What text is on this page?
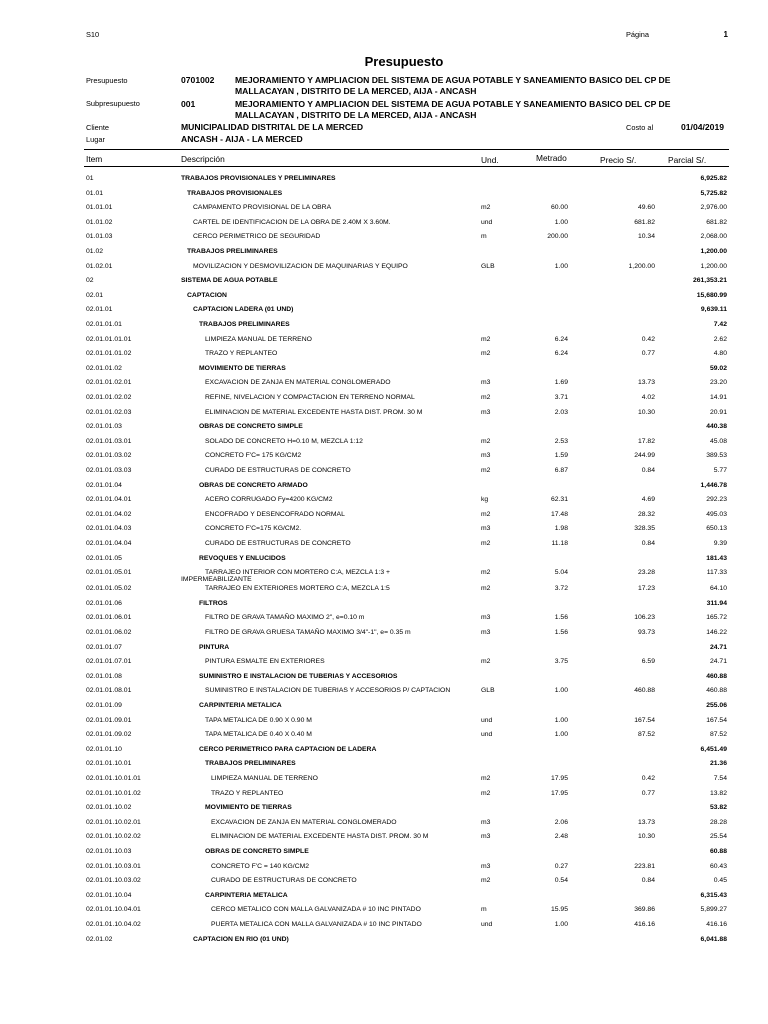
S10	Página	1
Presupuesto
Presupuesto	0701002 MEJORAMIENTO Y AMPLIACION DEL SISTEMA DE AGUA POTABLE Y SANEAMIENTO BASICO DEL CP DE
MALLACAYAN , DISTRITO DE LA MERCED, AIJA - ANCASH
Subpresupuesto	001	MEJORAMIENTO Y AMPLIACION DEL SISTEMA DE AGUA POTABLE Y SANEAMIENTO BASICO DEL CP DE
MALLACAYAN , DISTRITO DE LA MERCED, AIJA - ANCASH
Cliente	MUNICIPALIDAD DISTRITAL DE LA MERCED	Costo al	01/04/2019
Lugar	ANCASH - AIJA - LA MERCED
Item	Descripción	Und.	Metrado	Precio S/.	Parcial S/.
01	TRABAJOS PROVISIONALES Y PRELIMINARES	6,925.82
01.01	TRABAJOS PROVISIONALES	5,725.82
01.01.01	CAMPAMENTO PROVISIONAL DE LA OBRA	m2	60.00	49.60	2,976.00
01.01.02	CARTEL DE IDENTIFICACION DE LA OBRA DE 2.40M X 3.60M.	und	1.00	681.82	681.82
01.01.03	CERCO PERIMETRICO DE SEGURIDAD	m	200.00	10.34	2,068.00
01.02	TRABAJOS PRELIMINARES	1,200.00
01.02.01	MOVILIZACION Y DESMOVILIZACION DE MAQUINARIAS Y EQUIPO	GLB	1.00	1,200.00	1,200.00
02	SISTEMA DE AGUA POTABLE	261,353.21
02.01	CAPTACION	15,680.99
02.01.01	CAPTACION LADERA (01 UND)	9,639.11
02.01.01.01	TRABAJOS PRELIMINARES	7.42
02.01.01.01.01	LIMPIEZA MANUAL DE TERRENO	m2	6.24	0.42	2.62
02.01.01.01.02	TRAZO Y REPLANTEO	m2	6.24	0.77	4.80
02.01.01.02	MOVIMIENTO DE TIERRAS	59.02
02.01.01.02.01	EXCAVACION DE ZANJA EN MATERIAL CONGLOMERADO	m3	1.69	13.73	23.20
02.01.01.02.02	REFINE, NIVELACION Y COMPACTACION EN TERRENO NORMAL	m2	3.71	4.02	14.91
02.01.01.02.03	ELIMINACION DE MATERIAL EXCEDENTE HASTA DIST. PROM. 30 M	m3	2.03	10.30	20.91
02.01.01.03	OBRAS DE CONCRETO SIMPLE	440.38
02.01.01.03.01	SOLADO DE CONCRETO H=0.10 M, MEZCLA 1:12	m2	2.53	17.82	45.08
02.01.01.03.02	CONCRETO F'C= 175 KG/CM2	m3	1.59	244.99	389.53
02.01.01.03.03	CURADO DE ESTRUCTURAS DE CONCRETO	m2	6.87	0.84	5.77
02.01.01.04	OBRAS DE CONCRETO ARMADO	1,446.78
02.01.01.04.01	ACERO CORRUGADO Fy=4200 KG/CM2	kg	62.31	4.69	292.23
02.01.01.04.02	ENCOFRADO Y DESENCOFRADO NORMAL	m2	17.48	28.32	495.03
02.01.01.04.03	CONCRETO F'C=175 KG/CM2.	m3	1.98	328.35	650.13
02.01.01.04.04	CURADO DE ESTRUCTURAS DE CONCRETO	m2	11.18	0.84	9.39
02.01.01.05	REVOQUES Y ENLUCIDOS	181.43
02.01.01.05.01	TARRAJEO INTERIOR CON MORTERO C:A, MEZCLA 1:3 +
IMPERMEABILIZANTE
m2	5.04	23.28	117.33
02.01.01.05.02	TARRAJEO EN EXTERIORES MORTERO C:A, MEZCLA 1:5	m2	3.72	17.23	64.10
02.01.01.06	FILTROS	311.94
02.01.01.06.01	FILTRO DE GRAVA TAMAÑO MAXIMO 2", e=0.10 m	m3	1.56	106.23	165.72
02.01.01.06.02	FILTRO DE GRAVA GRUESA TAMAÑO MAXIMO 3/4"-1", e= 0.35 m	m3	1.56	93.73	146.22
02.01.01.07	PINTURA	24.71
02.01.01.07.01	PINTURA ESMALTE EN EXTERIORES	m2	3.75	6.59	24.71
02.01.01.08	SUMINISTRO E INSTALACION DE TUBERIAS Y ACCESORIOS	460.88
02.01.01.08.01	SUMINISTRO E INSTALACION DE TUBERIAS Y ACCESORIOS P/ CAPTACION	GLB	1.00	460.88	460.88
02.01.01.09	CARPINTERIA METALICA	255.06
02.01.01.09.01	TAPA METALICA DE 0.90 X 0.90 M	und	1.00	167.54	167.54
02.01.01.09.02	TAPA METALICA DE 0.40 X 0.40 M	und	1.00	87.52	87.52
02.01.01.10	CERCO PERIMETRICO PARA CAPTACION DE LADERA	6,451.49
02.01.01.10.01	TRABAJOS PRELIMINARES	21.36
02.01.01.10.01.01	LIMPIEZA MANUAL DE TERRENO	m2	17.95	0.42	7.54
02.01.01.10.01.02	TRAZO Y REPLANTEO	m2	17.95	0.77	13.82
02.01.01.10.02	MOVIMIENTO DE TIERRAS	53.82
02.01.01.10.02.01	EXCAVACION DE ZANJA EN MATERIAL CONGLOMERADO	m3	2.06	13.73	28.28
02.01.01.10.02.02	ELIMINACION DE MATERIAL EXCEDENTE HASTA DIST. PROM. 30 M	m3	2.48	10.30	25.54
02.01.01.10.03	OBRAS DE CONCRETO SIMPLE	60.88
02.01.01.10.03.01	CONCRETO F'C = 140 KG/CM2	m3	0.27	223.81	60.43
02.01.01.10.03.02	CURADO DE ESTRUCTURAS DE CONCRETO	m2	0.54	0.84	0.45
02.01.01.10.04	CARPINTERIA METALICA	6,315.43
02.01.01.10.04.01	CERCO METALICO CON MALLA GALVANIZADA # 10 INC PINTADO	m	15.95	369.86	5,899.27
02.01.01.10.04.02	PUERTA METALICA CON MALLA GALVANIZADA # 10 INC PINTADO	und	1.00	416.16	416.16
02.01.02	CAPTACION EN RIO (01 UND)	6,041.88
